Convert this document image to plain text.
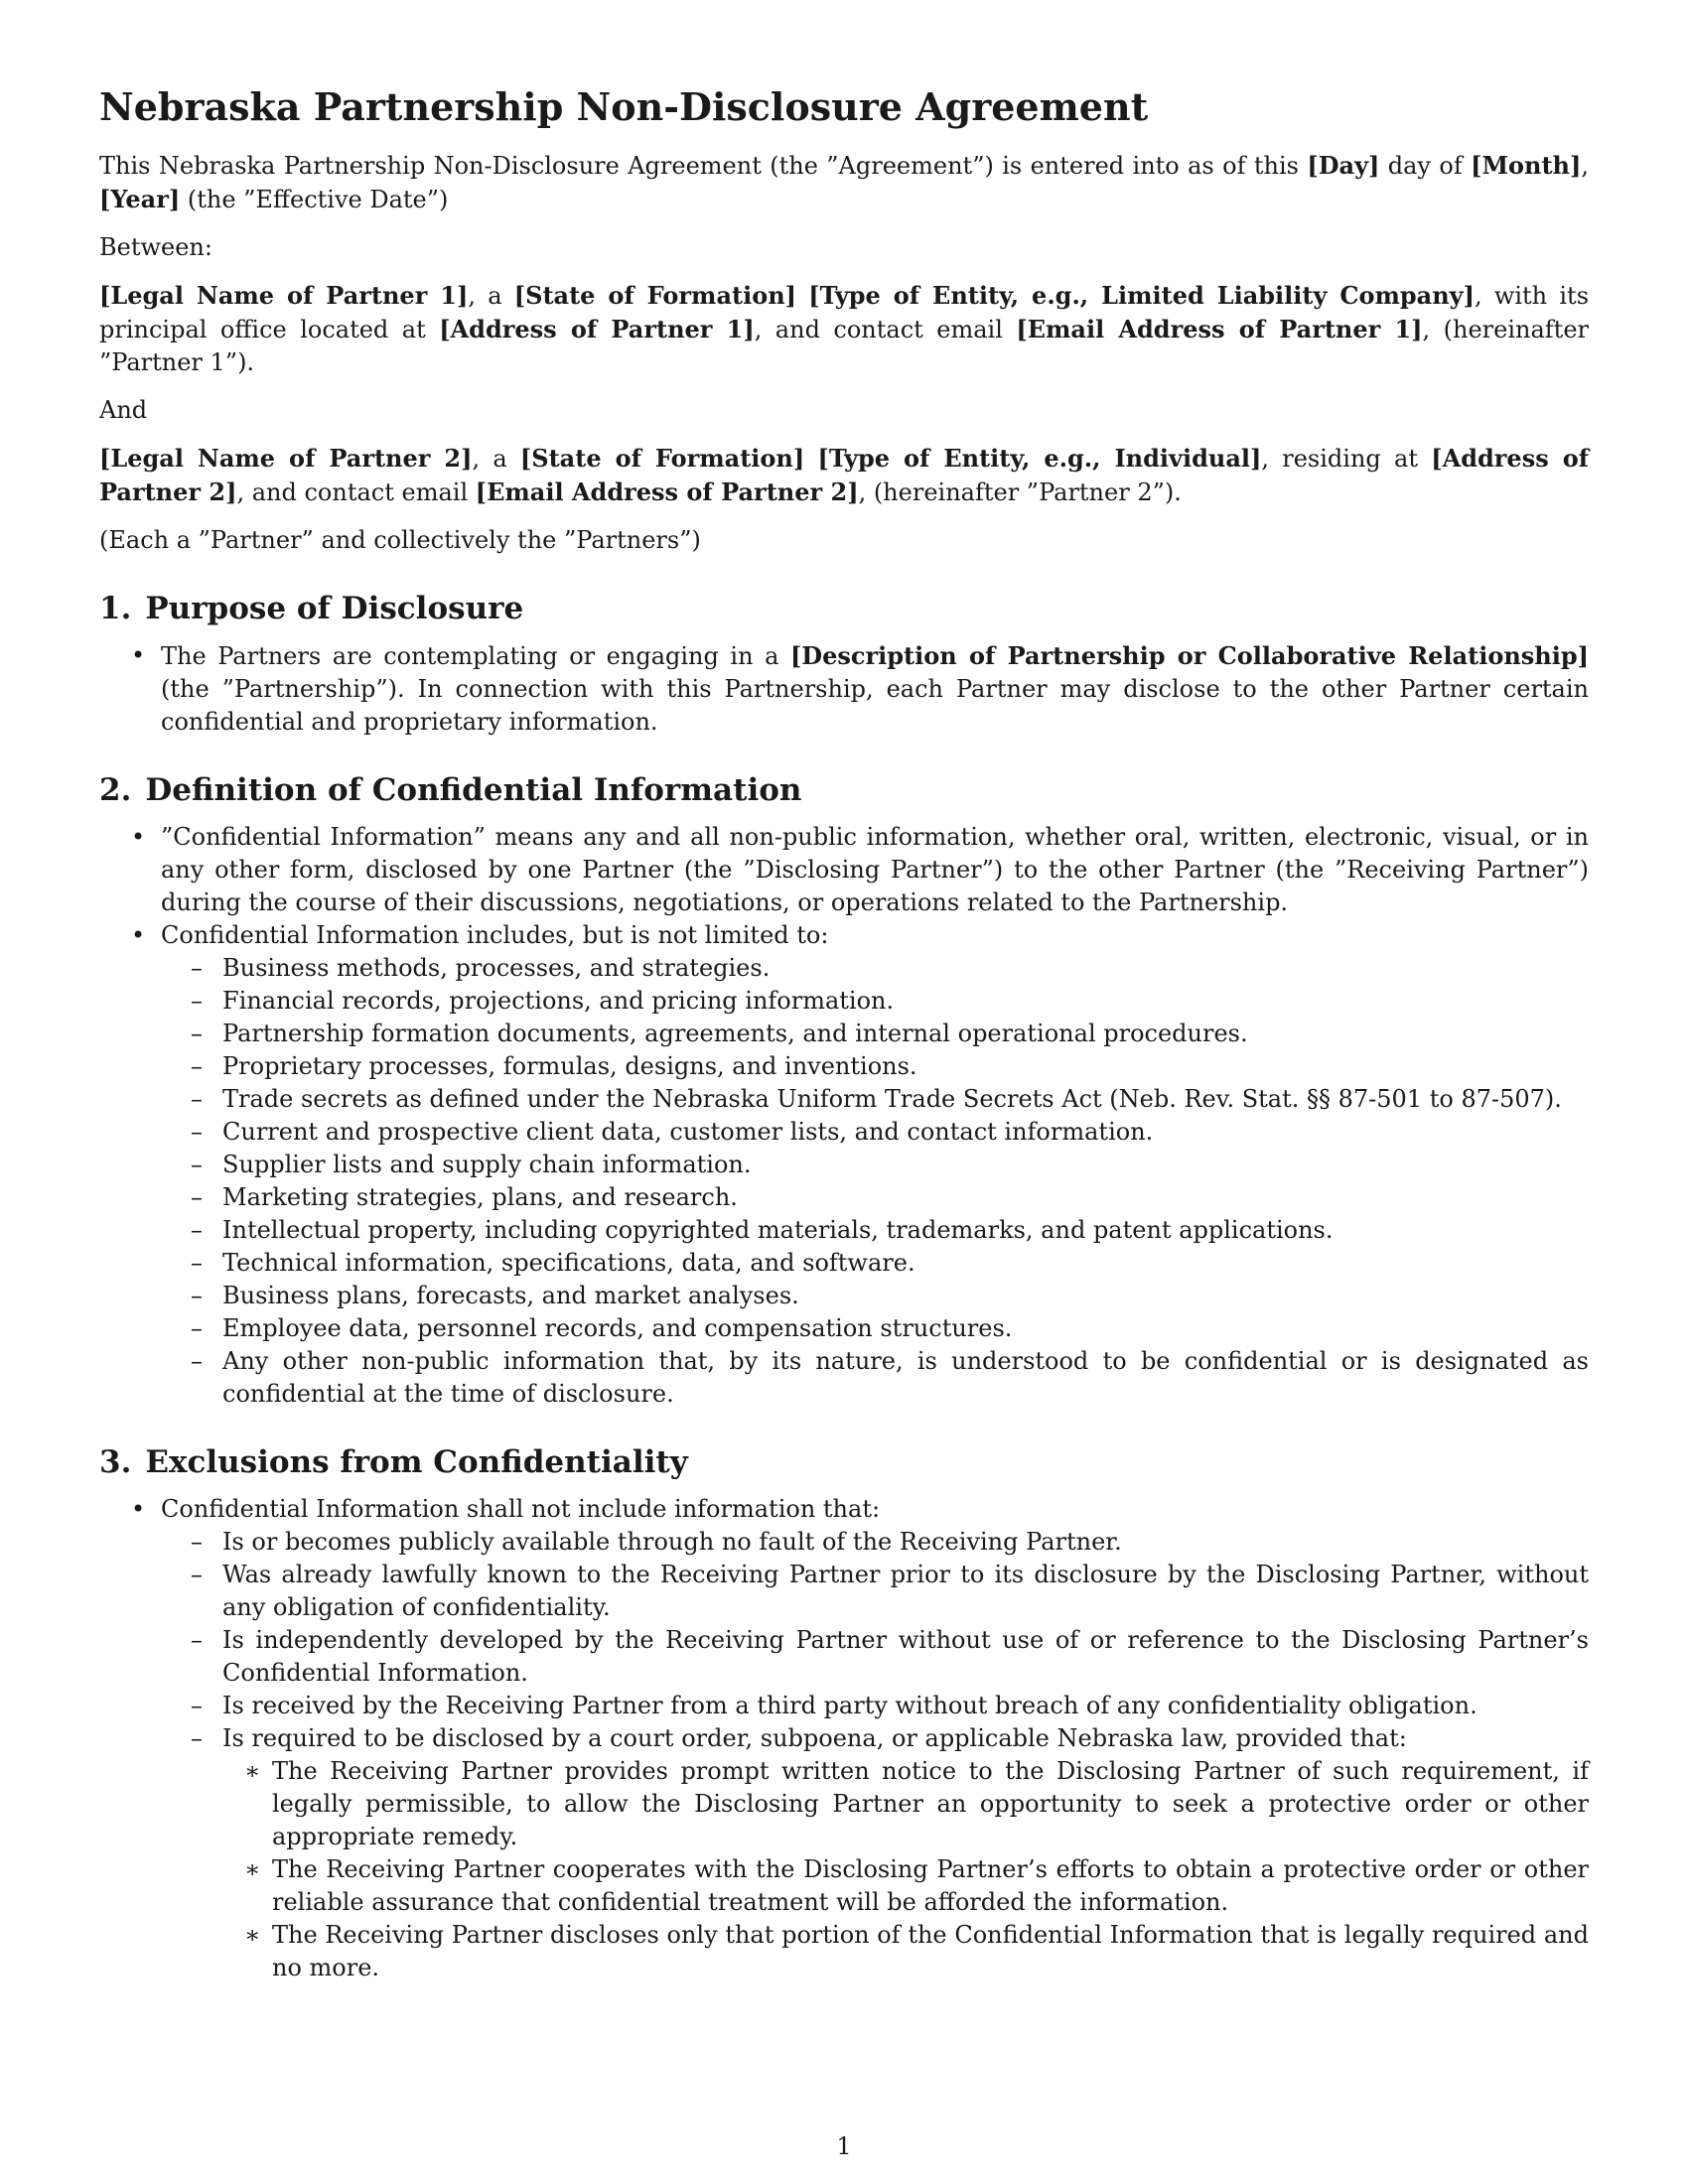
Nebraska Partnership Non-Disclosure Agreement

This Nebraska Partnership Non-Disclosure Agreement (the ”Agreement”) is entered into as of this [Day] day of [Month], [Year] (the ”Effective Date”)

Between:

[Legal Name of Partner 1], a [State of Formation] [Type of Entity, e.g., Limited Liability Company], with its principal office located at [Address of Partner 1], and contact email [Email Address of Partner 1], (hereinafter ”Partner 1”).

And

[Legal Name of Partner 2], a [State of Formation] [Type of Entity, e.g., Individual], residing at [Address of Partner 2], and contact email [Email Address of Partner 2], (hereinafter ”Partner 2”).

(Each a ”Partner” and collectively the ”Partners”)

1. Purpose of Disclosure
• The Partners are contemplating or engaging in a [Description of Partnership or Collaborative Relationship] (the ”Partnership”). In connection with this Partnership, each Partner may disclose to the other Partner certain confidential and proprietary information.
2. Definition of Confidential Information
• ”Confidential Information” means any and all non-public information, whether oral, written, electronic, visual, or in any other form, disclosed by one Partner (the ”Disclosing Partner”) to the other Partner (the ”Receiving Partner”) during the course of their discussions, negotiations, or operations related to the Partnership.
• Confidential Information includes, but is not limited to:
– Business methods, processes, and strategies.
– Financial records, projections, and pricing information.
– Partnership formation documents, agreements, and internal operational procedures.
– Proprietary processes, formulas, designs, and inventions.
– Trade secrets as defined under the Nebraska Uniform Trade Secrets Act (Neb. Rev. Stat. §§ 87-501 to 87-507).
– Current and prospective client data, customer lists, and contact information.
– Supplier lists and supply chain information.
– Marketing strategies, plans, and research.
– Intellectual property, including copyrighted materials, trademarks, and patent applications.
– Technical information, specifications, data, and software.
– Business plans, forecasts, and market analyses.
– Employee data, personnel records, and compensation structures.
– Any other non-public information that, by its nature, is understood to be confidential or is designated as confidential at the time of disclosure.
3. Exclusions from Confidentiality
• Confidential Information shall not include information that:
– Is or becomes publicly available through no fault of the Receiving Partner.
– Was already lawfully known to the Receiving Partner prior to its disclosure by the Disclosing Partner, without any obligation of confidentiality.
– Is independently developed by the Receiving Partner without use of or reference to the Disclosing Partner’s Confidential Information.
– Is received by the Receiving Partner from a third party without breach of any confidentiality obligation.
– Is required to be disclosed by a court order, subpoena, or applicable Nebraska law, provided that:
∗ The Receiving Partner provides prompt written notice to the Disclosing Partner of such requirement, if legally permissible, to allow the Disclosing Partner an opportunity to seek a protective order or other appropriate remedy.
∗ The Receiving Partner cooperates with the Disclosing Partner’s efforts to obtain a protective order or other reliable assurance that confidential treatment will be afforded the information.
∗ The Receiving Partner discloses only that portion of the Confidential Information that is legally required and no more.
1
